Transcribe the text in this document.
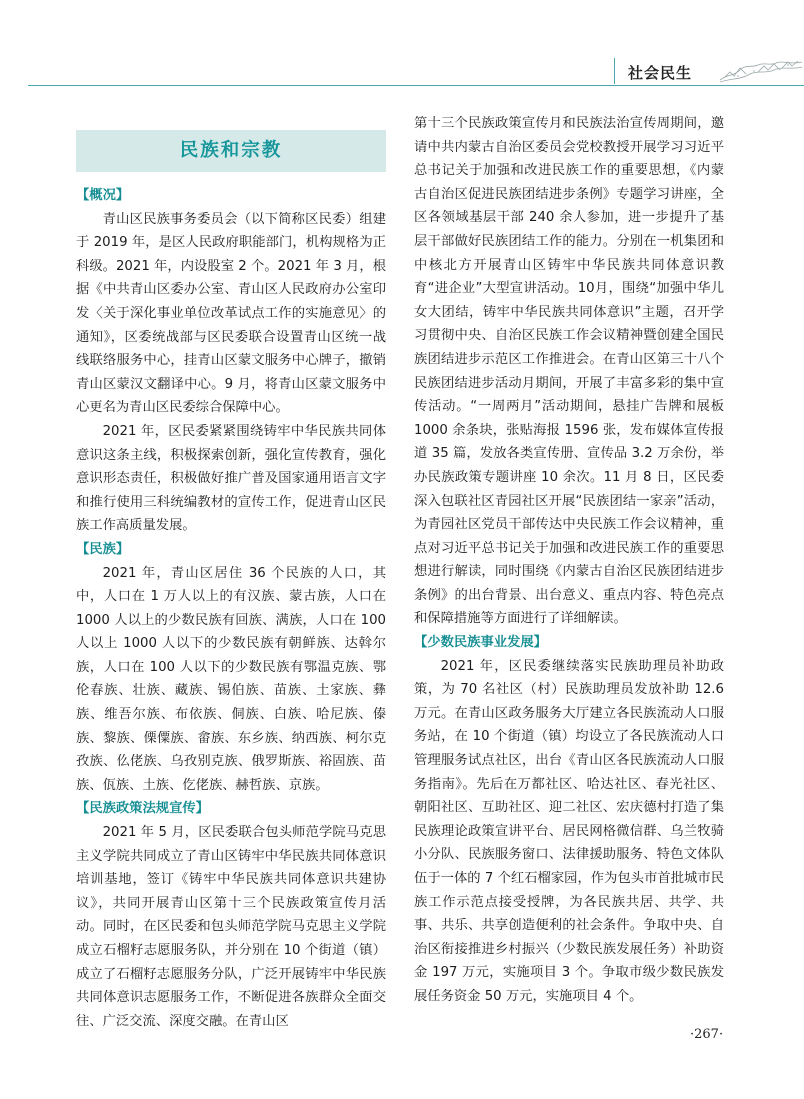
社会民生
民族和宗教
【概况】

青山区民族事务委员会（以下简称区民委）组建于 2019 年，是区人民政府职能部门，机构规格为正科级。2021 年，内设股室 2 个。2021 年 3 月，根据《中共青山区委办公室、青山区人民政府办公室印发〈关于深化事业单位改革试点工作的实施意见〉的通知》，区委统战部与区民委联合设置青山区统一战线联络服务中心，挂青山区蒙文服务中心牌子，撤销青山区蒙汉文翻译中心。9 月，将青山区蒙文服务中心更名为青山区民委综合保障中心。

2021 年，区民委紧紧围绕铸牢中华民族共同体意识这条主线，积极探索创新，强化宣传教育，强化意识形态责任，积极做好推广普及国家通用语言文字和推行使用三科统编教材的宣传工作，促进青山区民族工作高质量发展。

【民族】

2021 年，青山区居住 36 个民族的人口，其中，人口在 1 万人以上的有汉族、蒙古族，人口在 1000 人以上的少数民族有回族、满族，人口在 100 人以上 1000 人以下的少数民族有朝鲜族、达斡尔族，人口在 100 人以下的少数民族有鄂温克族、鄂伦春族、壮族、藏族、锡伯族、苗族、土家族、彝族、维吾尔族、布依族、侗族、白族、哈尼族、傣族、黎族、傈僳族、畲族、东乡族、纳西族、柯尔克孜族、仫佬族、乌孜别克族、俄罗斯族、裕固族、苗族、佤族、土族、仡佬族、赫哲族、京族。

【民族政策法规宣传】

2021 年 5 月，区民委联合包头师范学院马克思主义学院共同成立了青山区铸牢中华民族共同体意识培训基地，签订《铸牢中华民族共同体意识共建协议》，共同开展青山区第十三个民族政策宣传月活动。同时，在区民委和包头师范学院马克思主义学院成立石榴籽志愿服务队，并分别在 10 个街道（镇）成立了石榴籽志愿服务分队，广泛开展铸牢中华民族共同体意识志愿服务工作，不断促进各族群众全面交往、广泛交流、深度交融。在青山区

第十三个民族政策宣传月和民族法治宣传周期间，邀请中共内蒙古自治区委员会党校教授开展学习习近平总书记关于加强和改进民族工作的重要思想，《内蒙古自治区促进民族团结进步条例》专题学习讲座，全区各领域基层干部 240 余人参加，进一步提升了基层干部做好民族团结工作的能力。分别在一机集团和中核北方开展青山区铸牢中华民族共同体意识教育“进企业”大型宣讲活动。10月，围绕“加强中华儿女大团结，铸牢中华民族共同体意识”主题，召开学习贯彻中央、自治区民族工作会议精神暨创建全国民族团结进步示范区工作推进会。在青山区第三十八个民族团结进步活动月期间，开展了丰富多彩的集中宣传活动。“一周两月”活动期间，悬挂广告牌和展板 1000 余条块，张贴海报 1596 张，发布媒体宣传报道 35 篇，发放各类宣传册、宣传品 3.2 万余份，举办民族政策专题讲座 10 余次。11 月 8 日，区民委深入包联社区青园社区开展“民族团结一家亲”活动，为青园社区党员干部传达中央民族工作会议精神，重点对习近平总书记关于加强和改进民族工作的重要思想进行解读，同时围绕《内蒙古自治区民族团结进步条例》的出台背景、出台意义、重点内容、特色亮点和保障措施等方面进行了详细解读。

【少数民族事业发展】

2021 年，区民委继续落实民族助理员补助政策，为 70 名社区（村）民族助理员发放补助 12.6 万元。在青山区政务服务大厅建立各民族流动人口服务站，在 10 个街道（镇）均设立了各民族流动人口管理服务试点社区，出台《青山区各民族流动人口服务指南》。先后在万都社区、哈达社区、春光社区、朝阳社区、互助社区、迎二社区、宏庆德村打造了集民族理论政策宣讲平台、居民网格微信群、乌兰牧骑小分队、民族服务窗口、法律援助服务、特色文体队伍于一体的 7 个红石榴家园，作为包头市首批城市民族工作示范点接受授牌，为各民族共居、共学、共事、共乐、共享创造便利的社会条件。争取中央、自治区衔接推进乡村振兴（少数民族发展任务）补助资金 197 万元，实施项目 3 个。争取市级少数民族发展任务资金 50 万元，实施项目 4 个。

·267·
